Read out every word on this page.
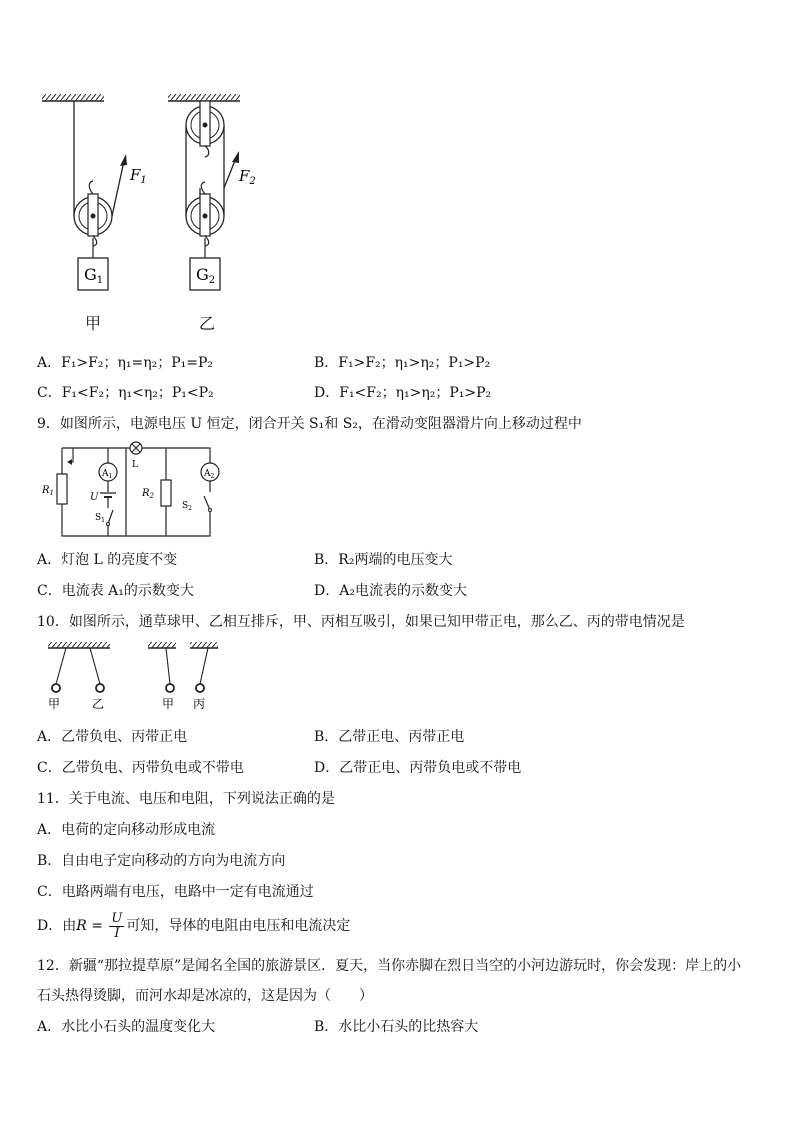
$F_1$
G1
$F_2$
G2
甲	乙
A．F₁>F₂；η₁=η₂；P₁=P₂	B．F₁>F₂；η₁>η₂；P₁>P₂
C．F₁<F₂；η₁<η₂；P₁<P₂	D．F₁<F₂；η₁>η₂；P₁>P₂
9．如图所示，电源电压 U 恒定，闭合开关 S₁和 S₂，在滑动变阻器滑片向上移动过程中
L
$R_1$
$A_1$
U
$S_1$
$R_2$
$A_2$
$S_2$
A．灯泡 L 的亮度不变	B．R₂两端的电压变大
C．电流表 A₁的示数变大	D．A₂电流表的示数变大
10．如图所示，通草球甲、乙相互排斥，甲、丙相互吸引，如果已知甲带正电，那么乙、丙的带电情况是
甲	乙	甲 丙
A．乙带负电、丙带正电	B．乙带正电、丙带正电
C．乙带负电、丙带负电或不带电	D．乙带正电、丙带负电或不带电
11．关于电流、电压和电阻，下列说法正确的是
A．电荷的定向移动形成电流
B．自由电子定向移动的方向为电流方向
C．电路两端有电压，电路中一定有电流通过
D．由$R = \frac{U}{I}$ 可知，导体的电阻由电压和电流决定
12．新疆“那拉提草原”是闻名全国的旅游景区．夏天，当你赤脚在烈日当空的小河边游玩时，你会发现：岸上的小
石头热得烫脚，而河水却是冰凉的，这是因为（　　）
A．水比小石头的温度变化大	B．水比小石头的比热容大
